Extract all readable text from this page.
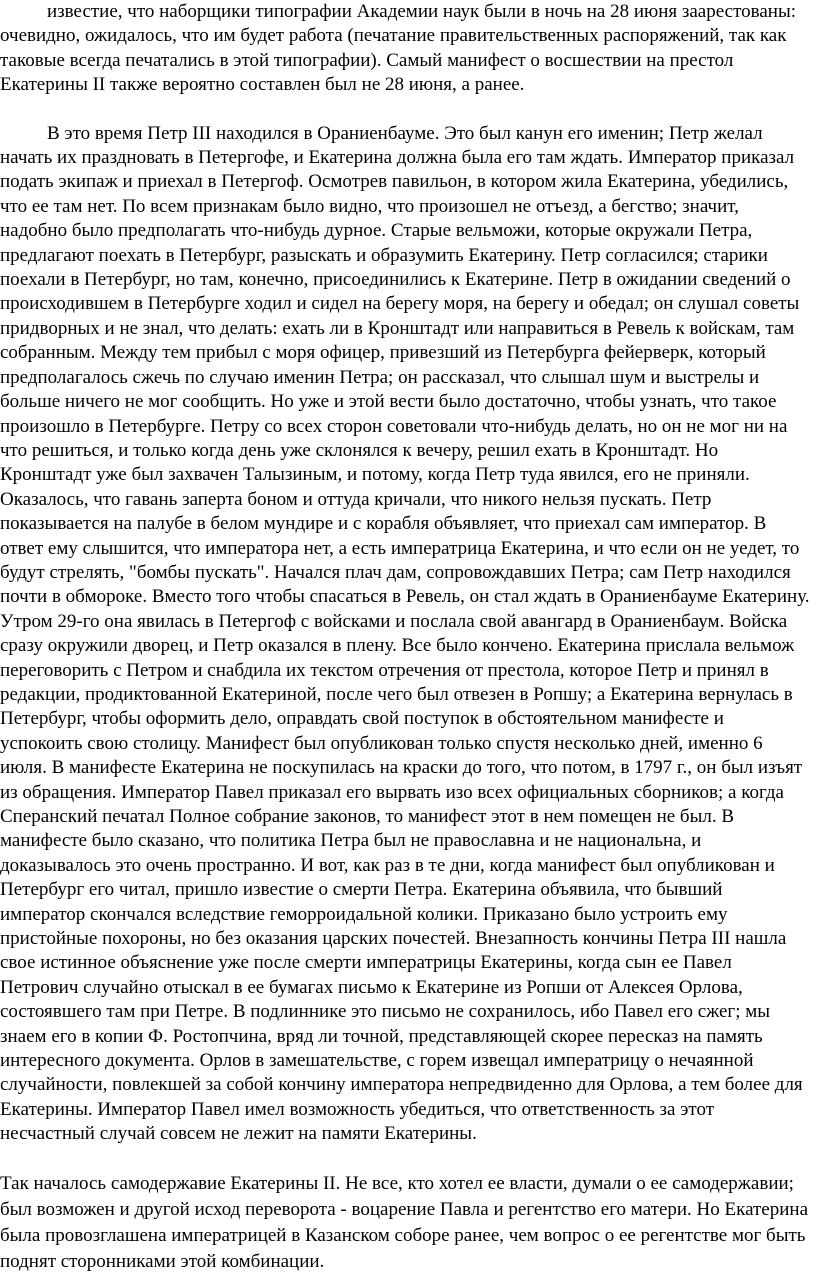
известие, что наборщики типографии Академии наук были в ночь на 28 июня заарестованы: очевидно, ожидалось, что им будет работа (печатание правительственных распоряжений, так как таковые всегда печатались в этой типографии). Самый манифест о восшествии на престол Екатерины II также вероятно составлен был не 28 июня, а ранее.

В это время Петр III находился в Ораниенбауме. Это был канун его именин; Петр желал начать их праздновать в Петергофе, и Екатерина должна была его там ждать. Император приказал подать экипаж и приехал в Петергоф. Осмотрев павильон, в котором жила Екатерина, убедились, что ее там нет. По всем признакам было видно, что произошел не отъезд, а бегство; значит, надобно было предполагать что-нибудь дурное. Старые вельможи, которые окружали Петра, предлагают поехать в Петербург, разыскать и образумить Екатерину. Петр согласился; старики поехали в Петербург, но там, конечно, присоединились к Екатерине. Петр в ожидании сведений о происходившем в Петербурге ходил и сидел на берегу моря, на берегу и обедал; он слушал советы придворных и не знал, что делать: ехать ли в Кронштадт или направиться в Ревель к войскам, там собранным. Между тем прибыл с моря офицер, привезший из Петербурга фейерверк, который предполагалось сжечь по случаю именин Петра; он рассказал, что слышал шум и выстрелы и больше ничего не мог сообщить. Но уже и этой вести было достаточно, чтобы узнать, что такое произошло в Петербурге. Петру со всех сторон советовали что-нибудь делать, но он не мог ни на что решиться, и только когда день уже склонялся к вечеру, решил ехать в Кронштадт. Но Кронштадт уже был захвачен Талызиным, и потому, когда Петр туда явился, его не приняли. Оказалось, что гавань заперта боном и оттуда кричали, что никого нельзя пускать. Петр показывается на палубе в белом мундире и с корабля объявляет, что приехал сам император. В ответ ему слышится, что императора нет, а есть императрица Екатерина, и что если он не уедет, то будут стрелять, "бомбы пускать". Начался плач дам, сопровождавших Петра; сам Петр находился почти в обмороке. Вместо того чтобы спасаться в Ревель, он стал ждать в Ораниенбауме Екатерину. Утром 29-го она явилась в Петергоф с войсками и послала свой авангард в Ораниенбаум. Войска сразу окружили дворец, и Петр оказался в плену. Все было кончено. Екатерина прислала вельмож переговорить с Петром и снабдила их текстом отречения от престола, которое Петр и принял в редакции, продиктованной Екатериной, после чего был отвезен в Ропшу; а Екатерина вернулась в Петербург, чтобы оформить дело, оправдать свой поступок в обстоятельном манифесте и успокоить свою столицу. Манифест был опубликован только спустя несколько дней, именно 6 июля. В манифесте Екатерина не поскупилась на краски до того, что потом, в 1797 г., он был изъят из обращения. Император Павел приказал его вырвать изо всех официальных сборников; а когда Сперанский печатал Полное собрание законов, то манифест этот в нем помещен не был. В манифесте было сказано, что политика Петра был не православна и не национальна, и доказывалось это очень пространно. И вот, как раз в те дни, когда манифест был опубликован и Петербург его читал, пришло известие о смерти Петра. Екатерина объявила, что бывший император скончался вследствие геморроидальной колики. Приказано было устроить ему пристойные похороны, но без оказания царских почестей. Внезапность кончины Петра III нашла свое истинное объяснение уже после смерти императрицы Екатерины, когда сын ее Павел Петрович случайно отыскал в ее бумагах письмо к Екатерине из Ропши от Алексея Орлова, состоявшего там при Петре. В подлиннике это письмо не сохранилось, ибо Павел его сжег; мы знаем его в копии Ф. Ростопчина, вряд ли точной, представляющей скорее пересказ на память интересного документа. Орлов в замешательстве, с горем извещал императрицу о нечаянной случайности, повлекшей за собой кончину императора непредвиденно для Орлова, а тем более для Екатерины. Император Павел имел возможность убедиться, что ответственность за этот несчастный случай совсем не лежит на памяти Екатерины.

Так началось самодержавие Екатерины II. Не все, кто хотел ее власти, думали о ее самодержавии; был возможен и другой исход переворота - воцарение Павла и регентство его матери. Но Екатерина была провозглашена императрицей в Казанском соборе ранее, чем вопрос о ее регентстве мог быть поднят сторонниками этой комбинации.
